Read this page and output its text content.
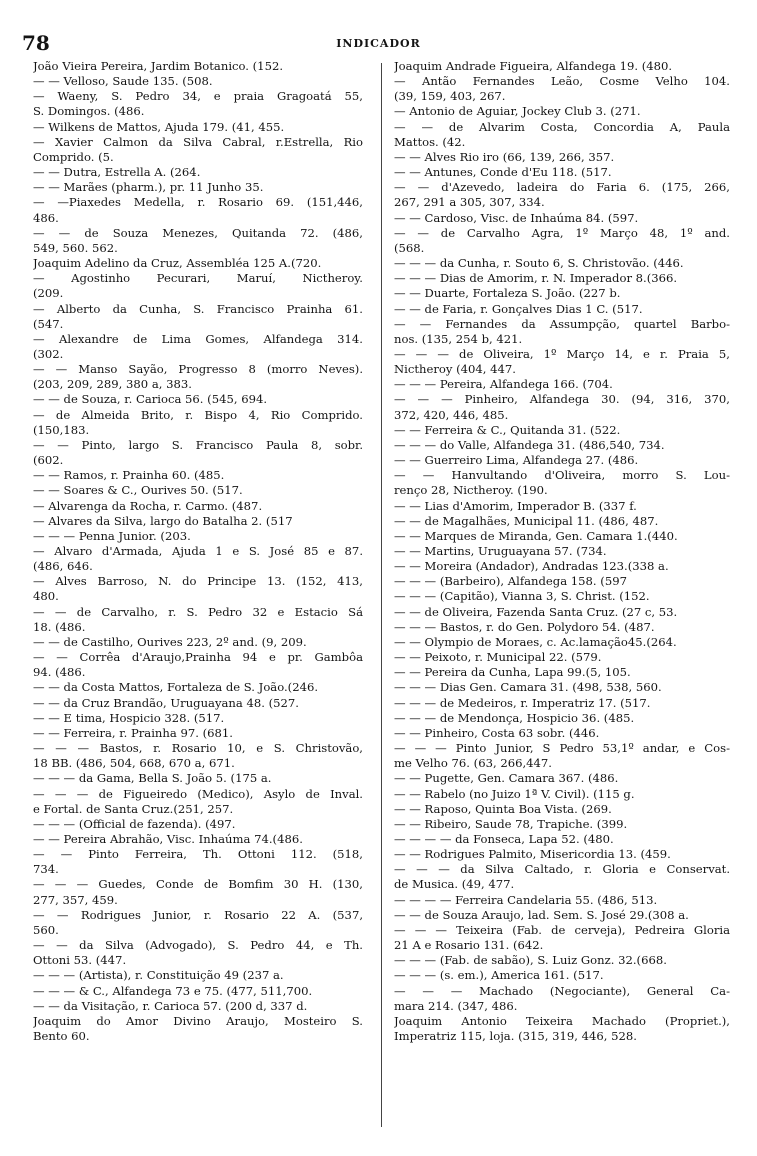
78	INDICADOR

João Vieira Pereira, Jardim Botanico. (152.

— — Velloso, Saude 135. (508.

— Waeny, S. Pedro 34, e praia Gragoatá 55,
S. Domingos. (486.

— Wilkens de Mattos, Ajuda 179. (41, 455.

— Xavier Calmon da Silva Cabral, r.Estrella, Rio
Comprido. (5.

— — Dutra, Estrella A. (264.

— — Marães (pharm.), pr. 11 Junho 35.

— —Piaxedes Medella, r. Rosario 69. (151,446,
486.

— — de Souza Menezes, Quitanda 72. (486,
549, 560. 562.

Joaquim Adelino da Cruz, Assembléa 125 A.(720.

— Agostinho Pecurari, Maruí, Nictheroy.
(209.

— Alberto da Cunha, S. Francisco Prainha 61.
(547.

— Alexandre de Lima Gomes, Alfandega 314.
(302.

— — Manso Sayão, Progresso 8 (morro Neves).
(203, 209, 289, 380 a, 383.

— — de Souza, r. Carioca 56. (545, 694.

— de Almeida Brito, r. Bispo 4, Rio Comprido.
(150,183.

— — Pinto, largo S. Francisco Paula 8, sobr.
(602.

— — Ramos, r. Prainha 60. (485.

— — Soares & C., Ourives 50. (517.

— Alvarenga da Rocha, r. Carmo. (487.

— Alvares da Silva, largo do Batalha 2. (517

— — — Penna Junior. (203.

— Alvaro d'Armada, Ajuda 1 e S. José 85 e 87.
(486, 646.

— Alves Barroso, N. do Principe 13. (152, 413,
480.

— — de Carvalho, r. S. Pedro 32 e Estacio Sá
18. (486.

— — de Castilho, Ourives 223, 2º and. (9, 209.

— — Corrêa d'Araujo,Prainha 94 e pr. Gambôa
94. (486.

— — da Costa Mattos, Fortaleza de S. João.(246.

— — da Cruz Brandão, Uruguayana 48. (527.

— — E tima, Hospicio 328. (517.

— — Ferreira, r. Prainha 97. (681.

— — — Bastos, r. Rosario 10, e S. Christovão,
18 BB. (486, 504, 668, 670 a, 671.

— — — da Gama, Bella S. João 5. (175 a.

— — — de Figueiredo (Medico), Asylo de Inval.
e Fortal. de Santa Cruz.(251, 257.

— — — (Official de fazenda). (497.

— — Pereira Abrahão, Visc. Inhaúma 74.(486.

— — Pinto Ferreira, Th. Ottoni 112. (518,
734.

— — — Guedes, Conde de Bomfim 30 H. (130,
277, 357, 459.

— — Rodrigues Junior, r. Rosario 22 A. (537,
560.

— — da Silva (Advogado), S. Pedro 44, e Th.
Ottoni 53. (447.

— — — (Artista), r. Constituição 49 (237 a.

— — — & C., Alfandega 73 e 75. (477, 511,700.

— — da Visitação, r. Carioca 57. (200 d, 337 d.

Joaquim do Amor Divino Araujo, Mosteiro S.
Bento 60.

Joaquim Andrade Figueira, Alfandega 19. (480.

— Antão Fernandes Leão, Cosme Velho 104.
(39, 159, 403, 267.

— Antonio de Aguiar, Jockey Club 3. (271.

— — de Alvarim Costa, Concordia A, Paula
Mattos. (42.

— — Alves Rio iro (66, 139, 266, 357.

— — Antunes, Conde d'Eu 118. (517.

— — d'Azevedo, ladeira do Faria 6. (175, 266,
267, 291 a 305, 307, 334.

— — Cardoso, Visc. de Inhaúma 84. (597.

— — de Carvalho Agra, 1º Março 48, 1º and.
(568.

— — — da Cunha, r. Souto 6, S. Christovão. (446.

— — — Dias de Amorim, r. N. Imperador 8.(366.

— — Duarte, Fortaleza S. João. (227 b.

— — de Faria, r. Gonçalves Dias 1 C. (517.

— — Fernandes da Assumpção, quartel Barbo-
nos. (135, 254 b, 421.

— — — de Oliveira, 1º Março 14, e r. Praia 5,
Nictheroy (404, 447.

— — — Pereira, Alfandega 166. (704.

— — — Pinheiro, Alfandega 30. (94, 316, 370,
372, 420, 446, 485.

— — Ferreira & C., Quitanda 31. (522.

— — — do Valle, Alfandega 31. (486,540, 734.

— — Guerreiro Lima, Alfandega 27. (486.

— — Hanvultando d'Oliveira, morro S. Lou-
renço 28, Nictheroy. (190.

— — Lias d'Amorim, Imperador B. (337 f.

— — de Magalhães, Municipal 11. (486, 487.

— — Marques de Miranda, Gen. Camara 1.(440.

— — Martins, Uruguayana 57. (734.

— — Moreira (Andador), Andradas 123.(338 a.

— — — (Barbeiro), Alfandega 158. (597

— — — (Capitão), Vianna 3, S. Christ. (152.

— — de Oliveira, Fazenda Santa Cruz. (27 c, 53.

— — — Bastos, r. do Gen. Polydoro 54. (487.

— — Olympio de Moraes, c. Ac.lamação45.(264.

— — Peixoto, r. Municipal 22. (579.

— — Pereira da Cunha, Lapa 99.(5, 105.

— — — Dias Gen. Camara 31. (498, 538, 560.

— — — de Medeiros, r. Imperatriz 17. (517.

— — — de Mendonça, Hospicio 36. (485.

— — Pinheiro, Costa 63 sobr. (446.

— — — Pinto Junior, S Pedro 53,1º andar, e Cos-
me Velho 76. (63, 266,447.

— — Pugette, Gen. Camara 367. (486.

— — Rabelo (no Juizo 1ª V. Civil). (115 g.

— — Raposo, Quinta Boa Vista. (269.

— — Ribeiro, Saude 78, Trapiche. (399.

— — — — da Fonseca, Lapa 52. (480.

— — Rodrigues Palmito, Misericordia 13. (459.

— — — da Silva Caltado, r. Gloria e Conservat.
de Musica. (49, 477.

— — — — Ferreira Candelaria 55. (486, 513.

— — de Souza Araujo, lad. Sem. S. José 29.(308 a.

— — — Teixeira (Fab. de cerveja), Pedreira Gloria
21 A e Rosario 131. (642.

— — — (Fab. de sabão), S. Luiz Gonz. 32.(668.

— — — (s. em.), America 161. (517.

— — — Machado (Negociante), General Ca-
mara 214. (347, 486.

Joaquim Antonio Teixeira Machado (Propriet.),
Imperatriz 115, loja. (315, 319, 446, 528.
